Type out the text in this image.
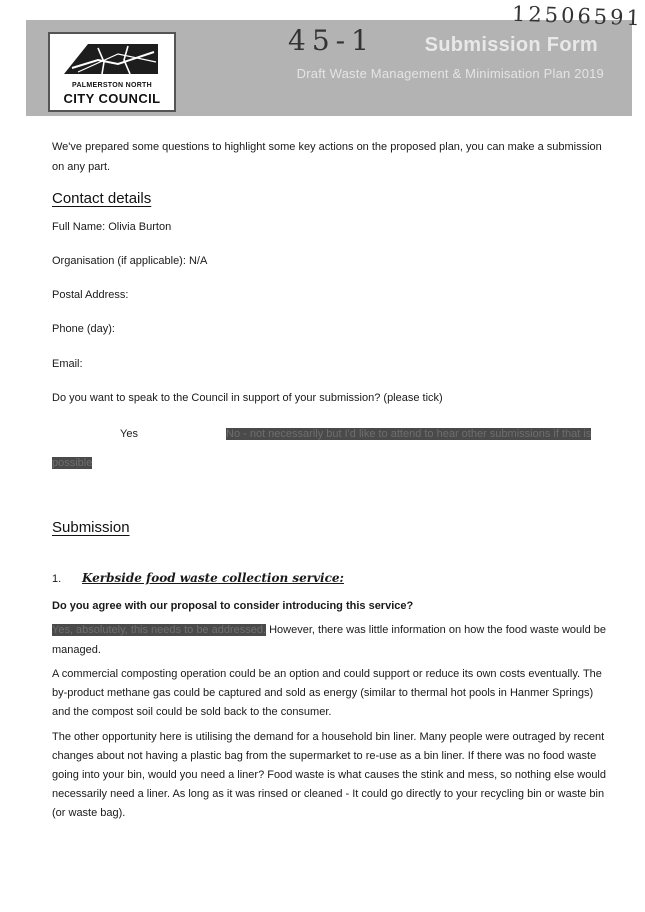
PALMERSTON NORTH
CITY COUNCIL
Submission Form
Draft Waste Management & Minimisation Plan 2019
12506591
45-1
We've prepared some questions to highlight some key actions on the proposed plan, you can make a submission on any part.
Contact details
Full Name: Olivia Burton
Organisation (if applicable): N/A
Postal Address:
Phone (day):
Email:
Do you want to speak to the Council in support of your submission? (please tick)
Yes	No - not necessarily but I'd like to attend to hear other submissions if that is
possible
Submission
1. Kerbside food waste collection service:
Do you agree with our proposal to consider introducing this service?
Yes, absolutely, this needs to be addressed. However, there was little information on how the food waste would be
managed.
A commercial composting operation could be an option and could support or reduce its own costs eventually. The
by-product methane gas could be captured and sold as energy (similar to thermal hot pools in Hanmer Springs)
and the compost soil could be sold back to the consumer.
The other opportunity here is utilising the demand for a household bin liner. Many people were outraged by recent
changes about not having a plastic bag from the supermarket to re-use as a bin liner. If there was no food waste
going into your bin, would you need a liner? Food waste is what causes the stink and mess, so nothing else would
necessarily need a liner. As long as it was rinsed or cleaned - It could go directly to your recycling bin or waste bin
(or waste bag).
